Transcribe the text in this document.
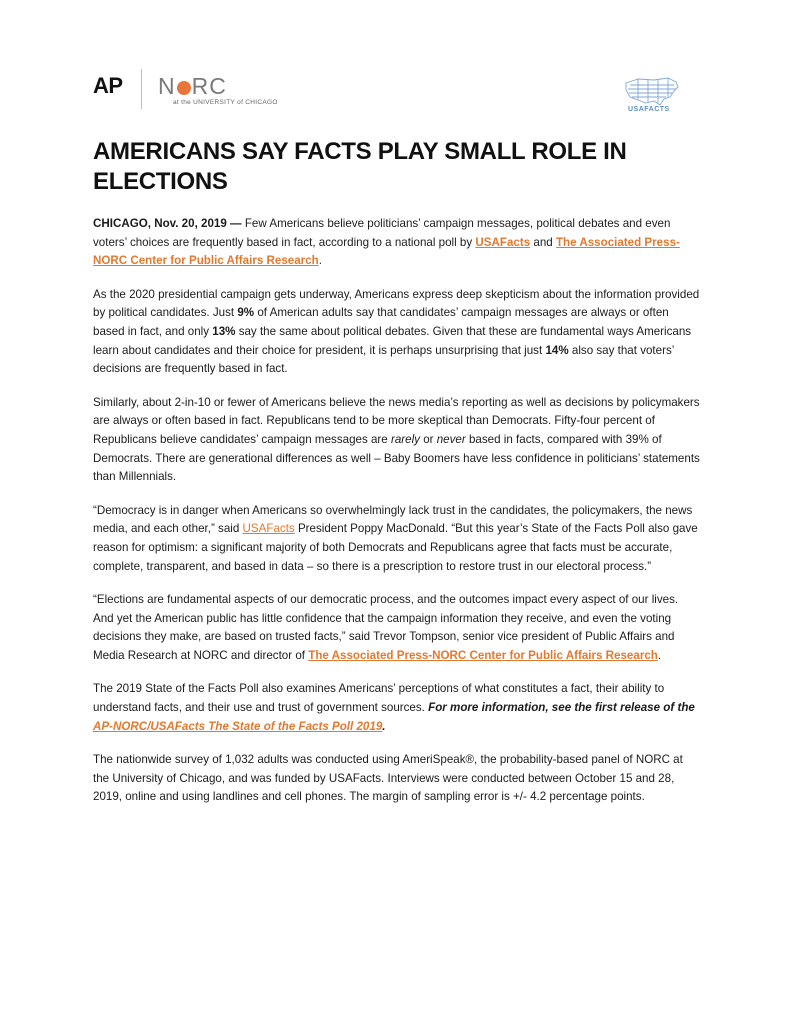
AP N RC
at the UNIVERSITY of CHICAGO
USAFACTS
AMERICANS SAY FACTS PLAY SMALL ROLE IN ELECTIONS

CHICAGO, Nov. 20, 2019 — Few Americans believe politicians’ campaign messages, political debates and even voters’ choices are frequently based in fact, according to a national poll by USAFacts and The Associated Press-NORC Center for Public Affairs Research.

As the 2020 presidential campaign gets underway, Americans express deep skepticism about the information provided by political candidates. Just 9% of American adults say that candidates’ campaign messages are always or often based in fact, and only 13% say the same about political debates. Given that these are fundamental ways Americans learn about candidates and their choice for president, it is perhaps unsurprising that just 14% also say that voters’ decisions are frequently based in fact.

Similarly, about 2-in-10 or fewer of Americans believe the news media’s reporting as well as decisions by policymakers are always or often based in fact. Republicans tend to be more skeptical than Democrats. Fifty-four percent of Republicans believe candidates’ campaign messages are rarely or never based in facts, compared with 39% of Democrats. There are generational differences as well – Baby Boomers have less confidence in politicians’ statements than Millennials.

“Democracy is in danger when Americans so overwhelmingly lack trust in the candidates, the policymakers, the news media, and each other,” said USAFacts President Poppy MacDonald. “But this year’s State of the Facts Poll also gave reason for optimism: a significant majority of both Democrats and Republicans agree that facts must be accurate, complete, transparent, and based in data – so there is a prescription to restore trust in our electoral process.”

“Elections are fundamental aspects of our democratic process, and the outcomes impact every aspect of our lives. And yet the American public has little confidence that the campaign information they receive, and even the voting decisions they make, are based on trusted facts,” said Trevor Tompson, senior vice president of Public Affairs and Media Research at NORC and director of The Associated Press-NORC Center for Public Affairs Research.

The 2019 State of the Facts Poll also examines Americans’ perceptions of what constitutes a fact, their ability to understand facts, and their use and trust of government sources. For more information, see the first release of the AP-NORC/USAFacts The State of the Facts Poll 2019.

The nationwide survey of 1,032 adults was conducted using AmeriSpeak®, the probability-based panel of NORC at the University of Chicago, and was funded by USAFacts. Interviews were conducted between October 15 and 28, 2019, online and using landlines and cell phones. The margin of sampling error is +/- 4.2 percentage points.
